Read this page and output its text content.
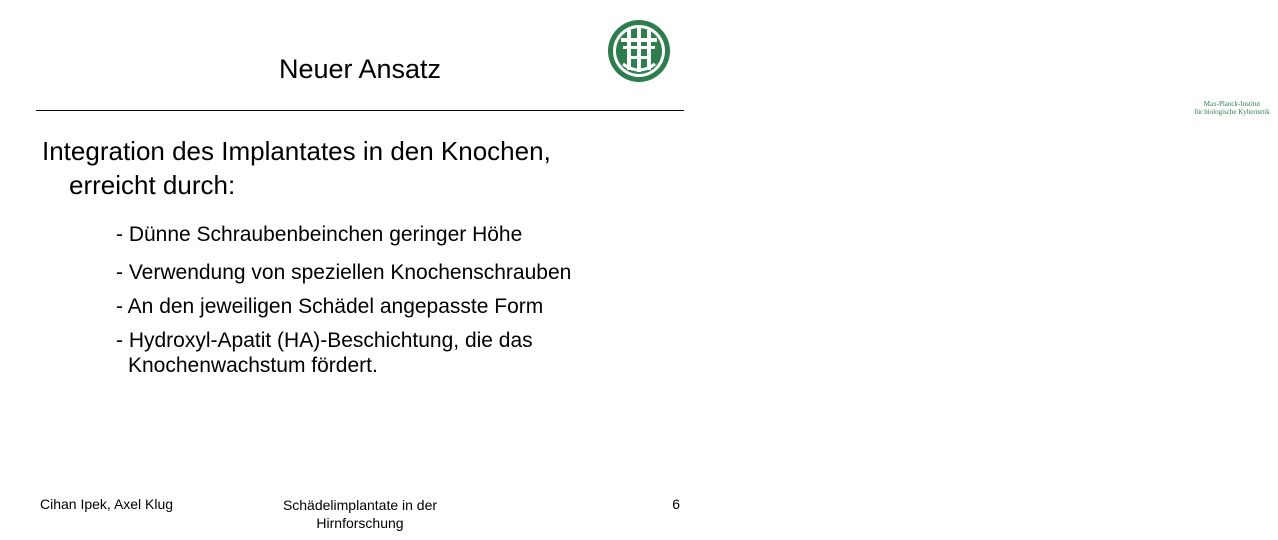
Neuer Ansatz
Max-Planck-Institut
für biologische Kybernetik
Integration des Implantates in den Knochen,
erreicht durch:
- Dünne Schraubenbeinchen geringer Höhe
- Verwendung von speziellen Knochenschrauben
- An den jeweiligen Schädel angepasste Form
- Hydroxyl-Apatit (HA)-Beschichtung, die das
Knochenwachstum fördert.
Cihan Ipek, Axel Klug	Schädelimplantate in der
Hirnforschung
6
